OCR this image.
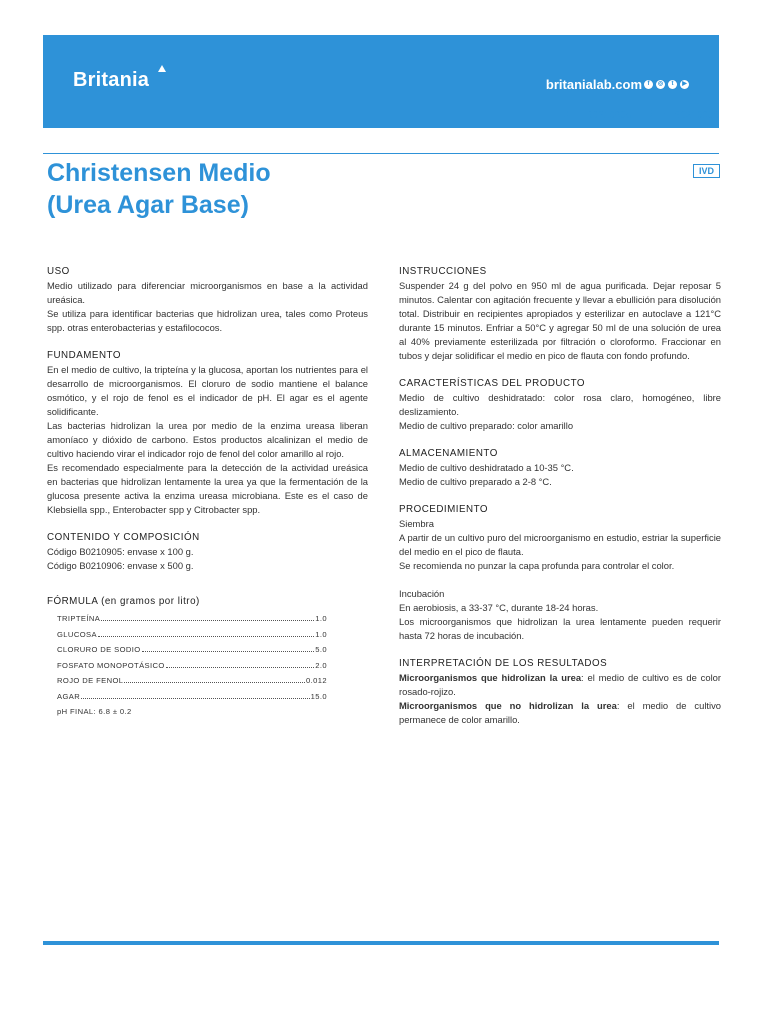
Britania	britanialab.com f	◎	t	▶
REF B0210905	REF B0210906
Christensen Medio
(Urea Agar Base)
IVD
USO
Medio utilizado para diferenciar microorganismos en base a la actividad ureásica.
Se utiliza para identificar bacterias que hidrolizan urea, tales como Proteus spp. otras enterobacterias y estafilococos.
FUNDAMENTO
En el medio de cultivo, la tripteína y la glucosa, aportan los nutrientes para el desarrollo de microorganismos. El cloruro de sodio mantiene el balance osmótico, y el rojo de fenol es el indicador de pH. El agar es el agente solidificante.
Las bacterias hidrolizan la urea por medio de la enzima ureasa liberan amoníaco y dióxido de carbono. Estos productos alcalinizan el medio de cultivo haciendo virar el indicador rojo de fenol del color amarillo al rojo.
Es recomendado especialmente para la detección de la actividad ureásica en bacterias que hidrolizan lentamente la urea ya que la fermentación de la glucosa presente activa la enzima ureasa microbiana. Este es el caso de Klebsiella spp., Enterobacter spp y Citrobacter spp.
CONTENIDO Y COMPOSICIÓN
Código B0210905: envase x 100 g.
Código B0210906: envase x 500 g.
FÓRMULA (en gramos por litro)
TRIPTEÍNA	1.0
GLUCOSA	1.0
CLORURO DE SODIO	5.0
FOSFATO MONOPOTÁSICO	2.0
ROJO DE FENOL	0.012
AGAR	15.0
pH FINAL: 6.8 ± 0.2
INSTRUCCIONES
Suspender 24 g del polvo en 950 ml de agua purificada. Dejar reposar 5 minutos. Calentar con agitación frecuente y llevar a ebullición para disolución total. Distribuir en recipientes apropiados y esterilizar en autoclave a 121°C durante 15 minutos. Enfriar a 50°C y agregar 50 ml de una solución de urea al 40% previamente esterilizada por filtración o cloroformo. Fraccionar en tubos y dejar solidificar el medio en pico de flauta con fondo profundo.
CARACTERÍSTICAS DEL PRODUCTO
Medio de cultivo deshidratado: color rosa claro, homogéneo, libre deslizamiento.
Medio de cultivo preparado: color amarillo
ALMACENAMIENTO
Medio de cultivo deshidratado a 10-35 °C.
Medio de cultivo preparado a 2-8 °C.
PROCEDIMIENTO
Siembra
A partir de un cultivo puro del microorganismo en estudio, estriar la superficie del medio en el pico de flauta.
Se recomienda no punzar la capa profunda para controlar el color.
Incubación
En aerobiosis, a 33-37 °C, durante 18-24 horas.
Los microorganismos que hidrolizan la urea lentamente pueden requerir hasta 72 horas de incubación.
INTERPRETACIÓN DE LOS RESULTADOS
Microorganismos que hidrolizan la urea: el medio de cultivo es de color rosado-rojizo.
Microorganismos que no hidrolizan la urea: el medio de cultivo permanece de color amarillo.
